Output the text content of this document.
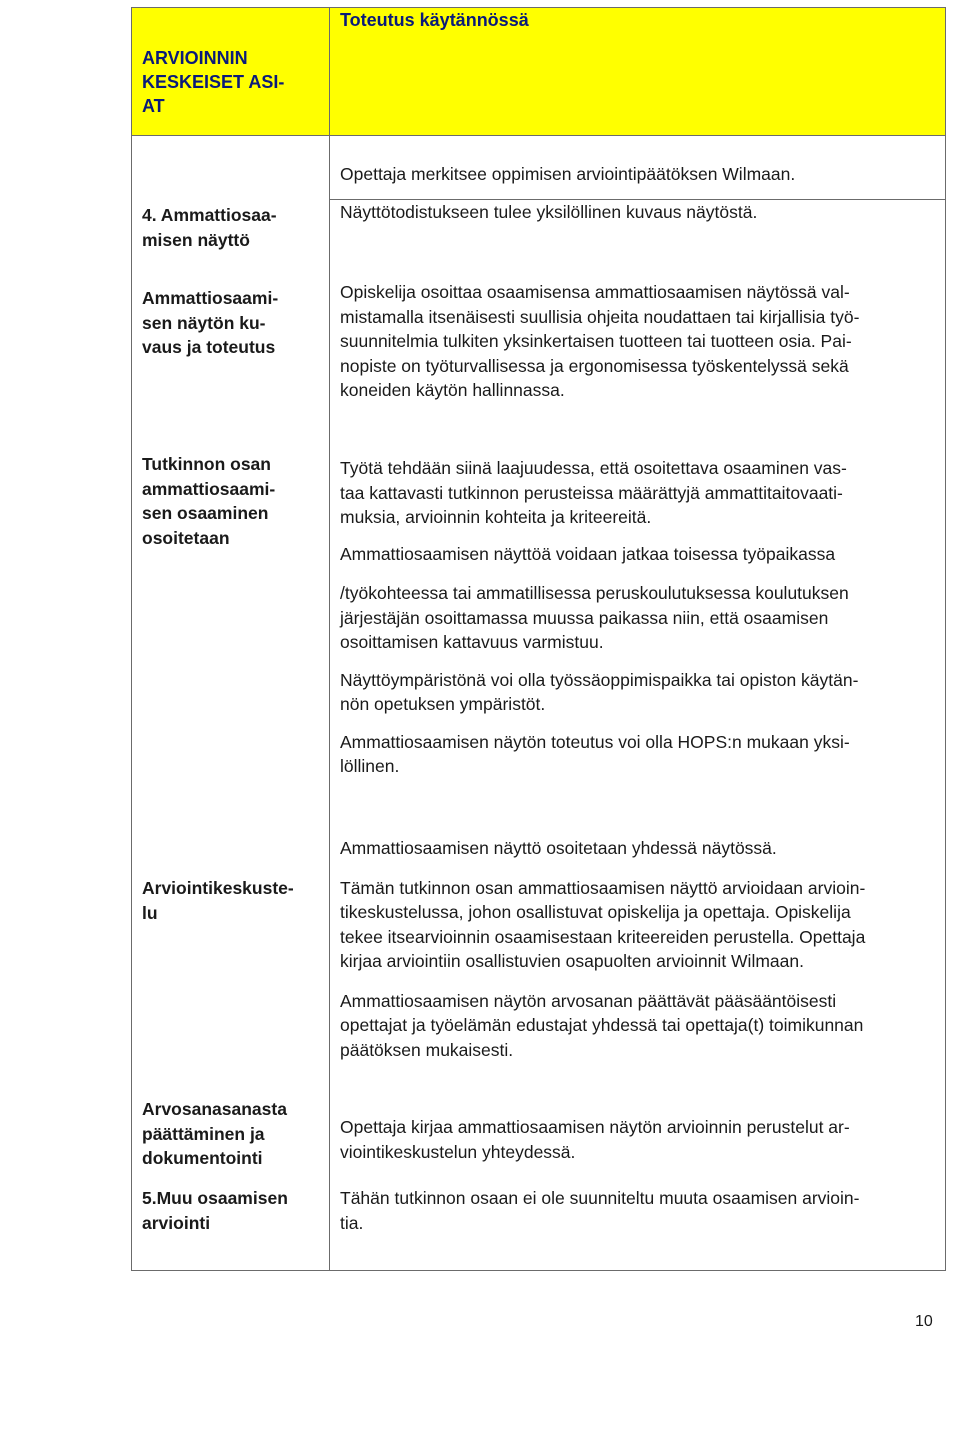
ARVIOINNIN
KESKEISET ASI-
AT
Toteutus käytännössä
4. Ammattiosaa-
misen näyttö
Opettaja merkitsee oppimisen arviointipäätöksen Wilmaan.
Näyttötodistukseen tulee yksilöllinen kuvaus näytöstä.
Ammattiosaami-
sen näytön ku-
vaus ja toteutus
Opiskelija osoittaa osaamisensa ammattiosaamisen näytössä val-
mistamalla itsenäisesti suullisia ohjeita noudattaen tai kirjallisia työ-
suunnitelmia tulkiten yksinkertaisen tuotteen tai tuotteen osia. Pai-
nopiste on työturvallisessa ja ergonomisessa työskentelyssä sekä
koneiden käytön hallinnassa.
Tutkinnon osan
ammattiosaami-
sen osaaminen
osoitetaan
Työtä tehdään siinä laajuudessa, että osoitettava osaaminen vas-
taa kattavasti tutkinnon perusteissa määrättyjä ammattitaitovaati-
muksia, arvioinnin kohteita ja kriteereitä.
Ammattiosaamisen näyttöä voidaan jatkaa toisessa työpaikassa
/työkohteessa tai ammatillisessa peruskoulutuksessa koulutuksen
järjestäjän osoittamassa muussa paikassa niin, että osaamisen
osoittamisen kattavuus varmistuu.
Näyttöympäristönä voi olla työssäoppimispaikka tai opiston käytän-
nön opetuksen ympäristöt.
Ammattiosaamisen näytön toteutus voi olla HOPS:n mukaan yksi-
löllinen.
Arviointikeskuste-
lu
Ammattiosaamisen näyttö osoitetaan yhdessä näytössä.
Tämän tutkinnon osan ammattiosaamisen näyttö arvioidaan arvioin-
tikeskustelussa, johon osallistuvat opiskelija ja opettaja. Opiskelija
tekee itsearvioinnin osaamisestaan kriteereiden perustella. Opettaja
kirjaa arviointiin osallistuvien osapuolten arvioinnit Wilmaan.
Ammattiosaamisen näytön arvosanan päättävät pääsääntöisesti
opettajat ja työelämän edustajat yhdessä tai opettaja(t) toimikunnan
päätöksen mukaisesti.
Arvosanasanasta
päättäminen ja
dokumentointi
Opettaja kirjaa ammattiosaamisen näytön arvioinnin perustelut ar-
viointikeskustelun yhteydessä.
5.Muu osaamisen
arviointi
Tähän tutkinnon osaan ei ole suunniteltu muuta osaamisen arvioin-
tia.
10
